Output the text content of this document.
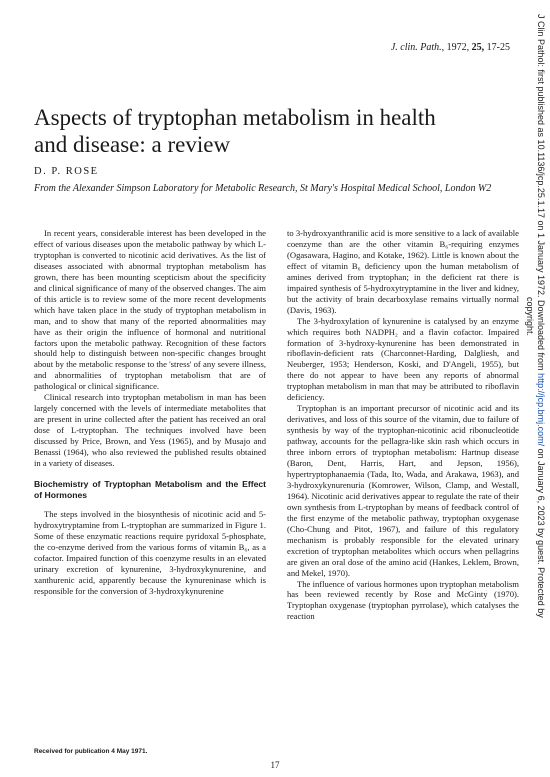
J. clin. Path., 1972, 25, 17-25
Aspects of tryptophan metabolism in health and disease: a review
D. P. ROSE
From the Alexander Simpson Laboratory for Metabolic Research, St Mary's Hospital Medical School, London W2

In recent years, considerable interest has been developed in the effect of various diseases upon the metabolic pathway by which L-tryptophan is converted to nicotinic acid derivatives. As the list of diseases associated with abnormal tryptophan metabolism has grown, there has been mounting scepticism about the specificity and clinical significance of many of the observed changes. The aim of this article is to review some of the more recent developments which have taken place in the study of tryptophan metabolism in man, and to show that many of the reported abnormalities may have as their origin the influence of hormonal and nutritional factors upon the metabolic pathway. Recognition of these factors should help to distinguish between non-specific changes brought about by the metabolic response to the 'stress' of any severe illness, and abnormalities of tryptophan metabolism that are of pathological or clinical significance.

Clinical research into tryptophan metabolism in man has been largely concerned with the levels of intermediate metabolites that are present in urine collected after the patient has received an oral dose of L-tryptophan. The techniques involved have been discussed by Price, Brown, and Yess (1965), and by Musajo and Benassi (1964), who also reviewed the published results obtained in a variety of diseases.

Biochemistry of Tryptophan Metabolism and the Effect of Hormones

The steps involved in the biosynthesis of nicotinic acid and 5-hydroxytryptamine from L-tryptophan are summarized in Figure 1. Some of these enzymatic reactions require pyridoxal 5-phosphate, the co-enzyme derived from the various forms of vitamin B₆, as a cofactor. Impaired function of this coenzyme results in an elevated urinary excretion of kynurenine, 3-hydroxykynurenine, and xanthurenic acid, apparently because the kynureninase which is responsible for the conversion of 3-hydroxykynurenine

to 3-hydroxyanthranilic acid is more sensitive to a lack of available coenzyme than are the other vitamin B₆-requiring enzymes (Ogasawara, Hagino, and Kotake, 1962). Little is known about the effect of vitamin B₆ deficiency upon the human metabolism of amines derived from tryptophan; in the deficient rat there is impaired synthesis of 5-hydroxytryptamine in the liver and kidney, but the activity of brain decarboxylase remains virtually normal (Davis, 1963).

The 3-hydroxylation of kynurenine is catalysed by an enzyme which requires both NADPH₂ and a flavin cofactor. Impaired formation of 3-hydroxy-kynurenine has been demonstrated in riboflavin-deficient rats (Charconnet-Harding, Dalgliesh, and Neuberger, 1953; Henderson, Koski, and D'Angeli, 1955), but there do not appear to have been any reports of abnormal tryptophan metabolism in man that may be attributed to riboflavin deficiency.

Tryptophan is an important precursor of nicotinic acid and its derivatives, and loss of this source of the vitamin, due to failure of synthesis by way of the tryptophan-nicotinic acid ribonucleotide pathway, accounts for the pellagra-like skin rash which occurs in three inborn errors of tryptophan metabolism: Hartnup disease (Baron, Dent, Harris, Hart, and Jepson, 1956), hypertryptophanaemia (Tada, Ito, Wada, and Arakawa, 1963), and 3-hydroxykynurenuria (Komrower, Wilson, Clamp, and Westall, 1964). Nicotinic acid derivatives appear to regulate the rate of their own synthesis from L-tryptophan by means of feedback control of the first enzyme of the metabolic pathway, tryptophan oxygenase (Cho-Chung and Pitot, 1967), and failure of this regulatory mechanism is probably responsible for the elevated urinary excretion of tryptophan metabolites which occurs when pellagrins are given an oral dose of the amino acid (Hankes, Leklem, Brown, and Mekel, 1970).

The influence of various hormones upon tryptophan metabolism has been reviewed recently by Rose and McGinty (1970). Tryptophan oxygenase (tryptophan pyrrolase), which catalyses the reaction

Received for publication 4 May 1971.
17
J Clin Pathol: first published as 10.1136/jcp.25.1.17 on 1 January 1972. Downloaded from http://jcp.bmj.com/ on January 6, 2023 by guest. Protected by
copyright.
